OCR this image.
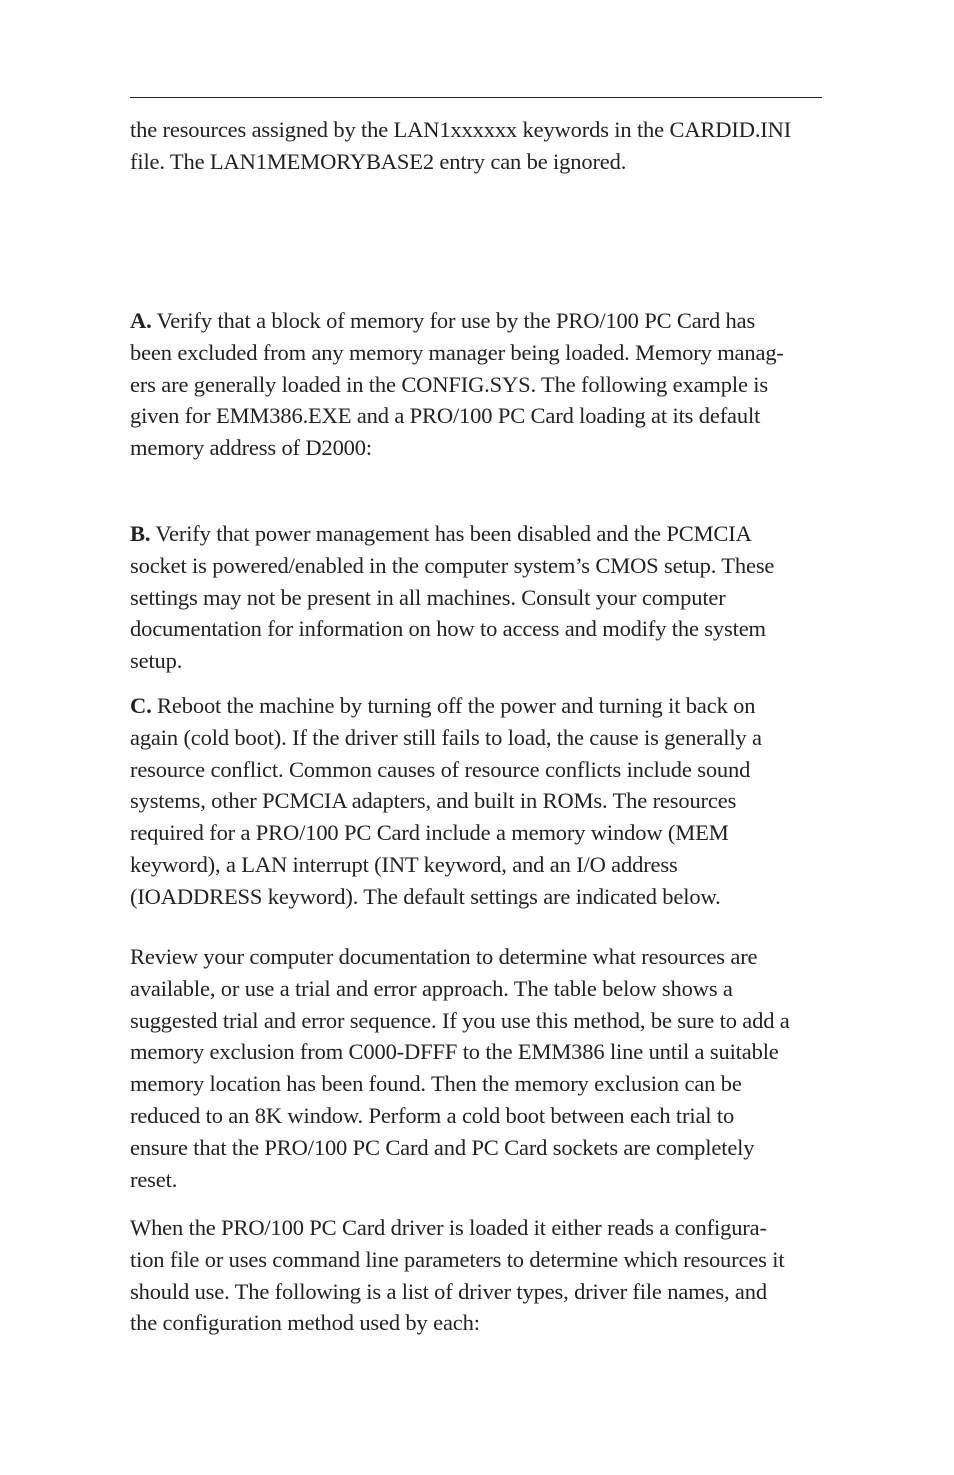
the resources assigned by the LAN1xxxxxx keywords in the CARDID.INI
file. The LAN1MEMORYBASE2 entry can be ignored.

A. Verify that a block of memory for use by the PRO/100 PC Card has
been excluded from any memory manager being loaded. Memory manag-
ers are generally loaded in the CONFIG.SYS. The following example is
given for EMM386.EXE and a PRO/100 PC Card loading at its default
memory address of D2000:

B. Verify that power management has been disabled and the PCMCIA
socket is powered/enabled in the computer system’s CMOS setup. These
settings may not be present in all machines. Consult your computer
documentation for information on how to access and modify the system
setup.

C. Reboot the machine by turning off the power and turning it back on
again (cold boot). If the driver still fails to load, the cause is generally a
resource conflict. Common causes of resource conflicts include sound
systems, other PCMCIA adapters, and built in ROMs. The resources
required for a PRO/100 PC Card include a memory window (MEM
keyword), a LAN interrupt (INT keyword, and an I/O address
(IOADDRESS keyword). The default settings are indicated below.

Review your computer documentation to determine what resources are
available, or use a trial and error approach. The table below shows a
suggested trial and error sequence. If you use this method, be sure to add a
memory exclusion from C000-DFFF to the EMM386 line until a suitable
memory location has been found. Then the memory exclusion can be
reduced to an 8K window. Perform a cold boot between each trial to
ensure that the PRO/100 PC Card and PC Card sockets are completely
reset.

When the PRO/100 PC Card driver is loaded it either reads a configura-
tion file or uses command line parameters to determine which resources it
should use. The following is a list of driver types, driver file names, and
the configuration method used by each:
